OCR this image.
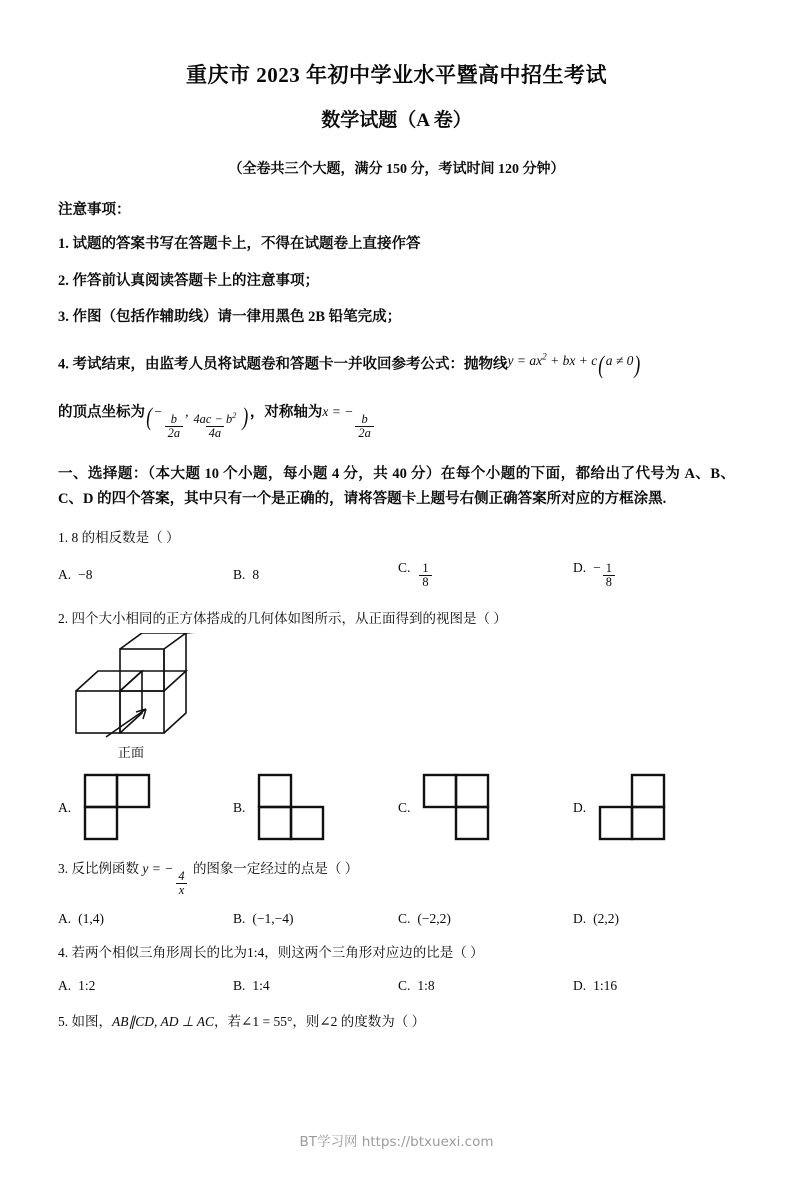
重庆市 2023 年初中学业水平暨高中招生考试
数学试题（A 卷）
（全卷共三个大题，满分 150 分，考试时间 120 分钟）
注意事项：
1. 试题的答案书写在答题卡上，不得在试题卷上直接作答
2. 作答前认真阅读答题卡上的注意事项；
3. 作图（包括作辅助线）请一律用黑色 2B 铅笔完成；
4. 考试结束，由监考人员将试题卷和答题卡一并收回参考公式：抛物线$y = ax^2$ + bx + c(a ≠ 0)
的顶点坐标为(−
$\frac{b}{2a}$
, $\frac{4ac - b^2}{4a}$ )，对称轴为x = −
$\frac{b}{2a}$
一、选择题：（本大题 10 个小题，每小题 4 分，共 40 分）在每个小题的下面，都给出了代号为 A、B、C、D 的四个答案，其中只有一个是正确的，请将答题卡上题号右侧正确答案所对应的方框涂黑.
1. 8 的相反数是（ ）
A. −8	B. 8	C. $\frac{1}{8}$	D. − $\frac{1}{8}$
2. 四个大小相同的正方体搭成的几何体如图所示，从正面得到的视图是（ ）
正面
A.	B.	C.	D.
3. 反比例函数 y = −
$\frac{4}{x}$
的图象一定经过的点是（ ）
A. (1,4)	B. (−1,−4)	C. (−2,2)	D. (2,2)
4. 若两个相似三角形周长的比为1:4，则这两个三角形对应边的比是（ ）
A. 1:2	B. 1:4	C. 1:8	D. 1:16
5. 如图，AB∥CD, AD ⊥ AC，若∠1 = 55°，则∠2 的度数为（ ）
BT学习网 https://btxuexi.com
